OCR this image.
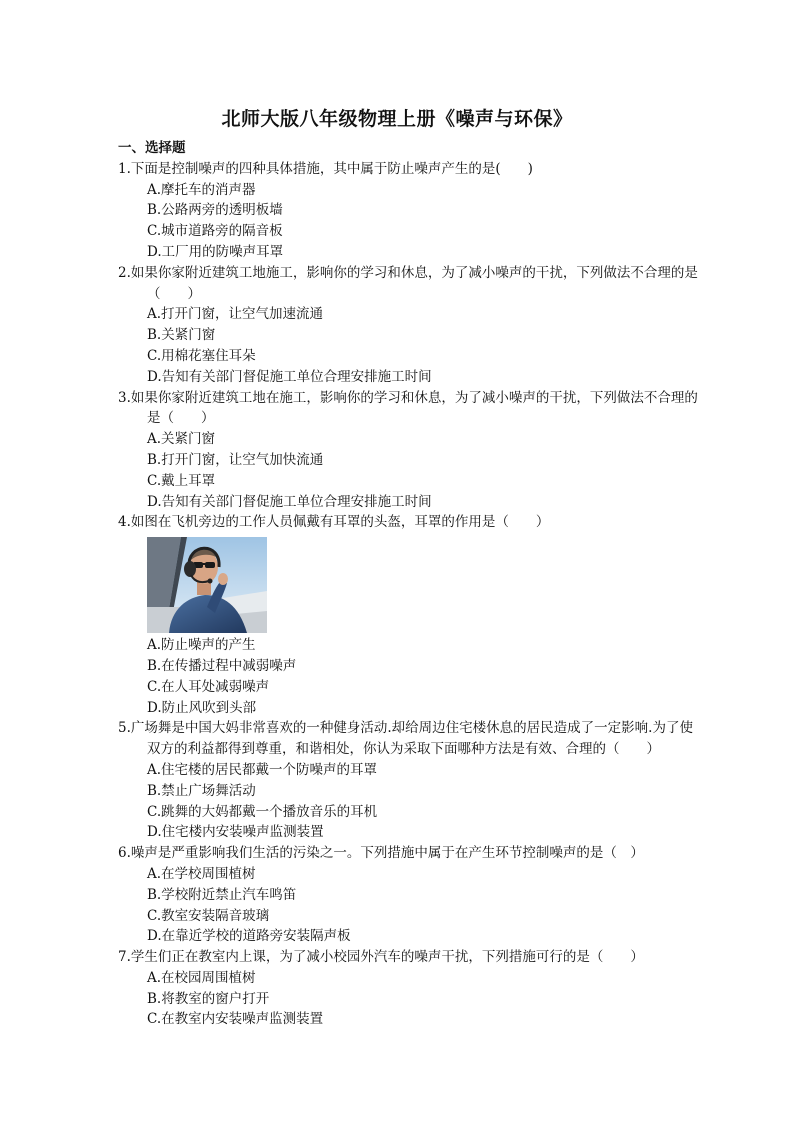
北师大版八年级物理上册《噪声与环保》
一、选择题
1.下面是控制噪声的四种具体措施，其中属于防止噪声产生的是(　　)
A.摩托车的消声器
B.公路两旁的透明板墙
C.城市道路旁的隔音板
D.工厂用的防噪声耳罩
2.如果你家附近建筑工地施工，影响你的学习和休息，为了减小噪声的干扰，下列做法不合理的是（　　）
A.打开门窗，让空气加速流通
B.关紧门窗
C.用棉花塞住耳朵
D.告知有关部门督促施工单位合理安排施工时间
3.如果你家附近建筑工地在施工，影响你的学习和休息，为了减小噪声的干扰，下列做法不合理的是（　　）
A.关紧门窗
B.打开门窗，让空气加快流通
C.戴上耳罩
D.告知有关部门督促施工单位合理安排施工时间
4.如图在飞机旁边的工作人员佩戴有耳罩的头盔，耳罩的作用是（　　）
A.防止噪声的产生
B.在传播过程中减弱噪声
C.在人耳处减弱噪声
D.防止风吹到头部
5.广场舞是中国大妈非常喜欢的一种健身活动.却给周边住宅楼休息的居民造成了一定影响.为了使双方的利益都得到尊重，和谐相处，你认为采取下面哪种方法是有效、合理的（　　）
A.住宅楼的居民都戴一个防噪声的耳罩
B.禁止广场舞活动
C.跳舞的大妈都戴一个播放音乐的耳机
D.住宅楼内安装噪声监测装置
6.噪声是严重影响我们生活的污染之一。下列措施中属于在产生环节控制噪声的是（　）
A.在学校周围植树
B.学校附近禁止汽车鸣笛
C.教室安装隔音玻璃
D.在靠近学校的道路旁安装隔声板
7.学生们正在教室内上课，为了减小校园外汽车的噪声干扰，下列措施可行的是（　　）
A.在校园周围植树
B.将教室的窗户打开
C.在教室内安装噪声监测装置
